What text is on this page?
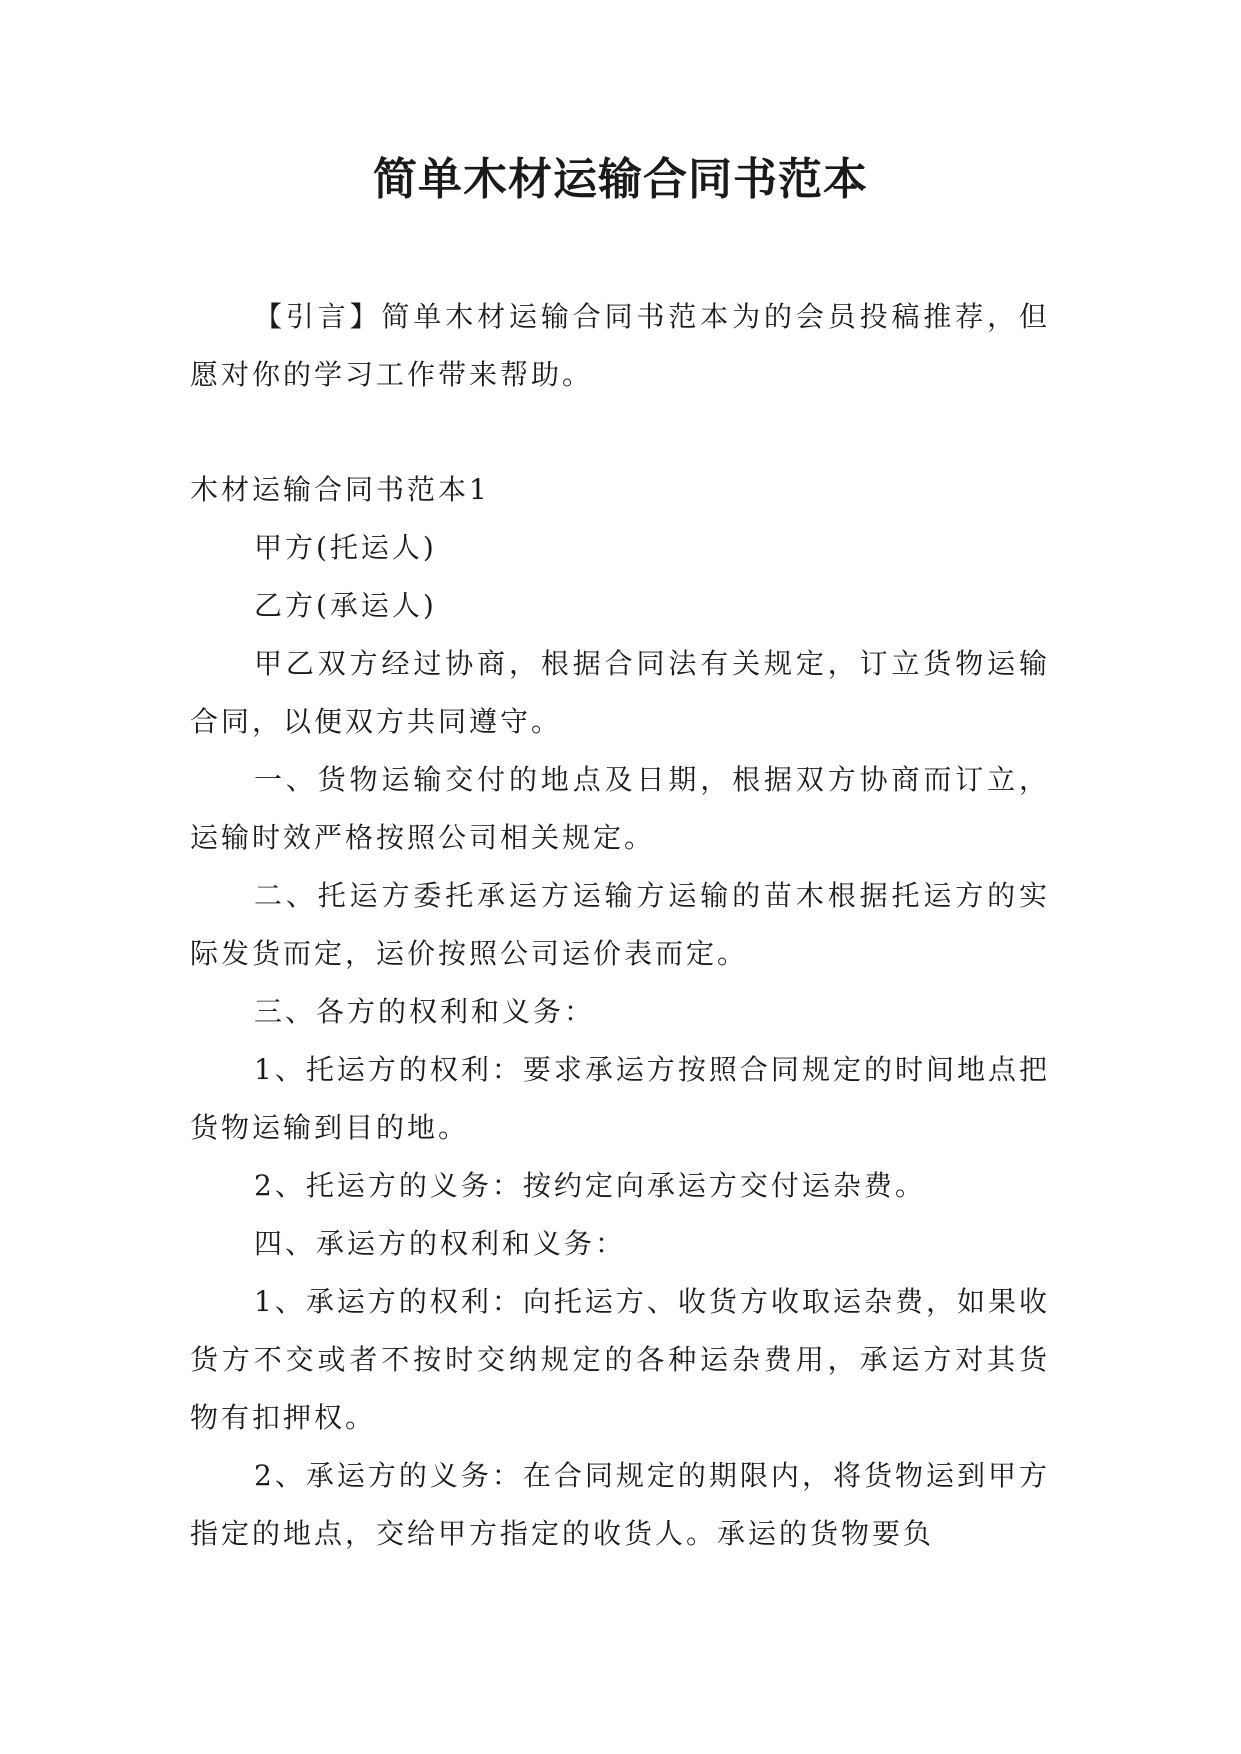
简单木材运输合同书范本

【引言】简单木材运输合同书范本为的会员投稿推荐，但愿对你的学习工作带来帮助。

木材运输合同书范本1

甲方(托运人)

乙方(承运人)

甲乙双方经过协商，根据合同法有关规定，订立货物运输合同，以便双方共同遵守。

一、货物运输交付的地点及日期，根据双方协商而订立，运输时效严格按照公司相关规定。

二、托运方委托承运方运输方运输的苗木根据托运方的实际发货而定，运价按照公司运价表而定。

三、各方的权利和义务：

1、托运方的权利：要求承运方按照合同规定的时间地点把货物运输到目的地。

2、托运方的义务：按约定向承运方交付运杂费。

四、承运方的权利和义务：

1、承运方的权利：向托运方、收货方收取运杂费，如果收货方不交或者不按时交纳规定的各种运杂费用，承运方对其货物有扣押权。

2、承运方的义务：在合同规定的期限内，将货物运到甲方指定的地点，交给甲方指定的收货人。承运的货物要负
